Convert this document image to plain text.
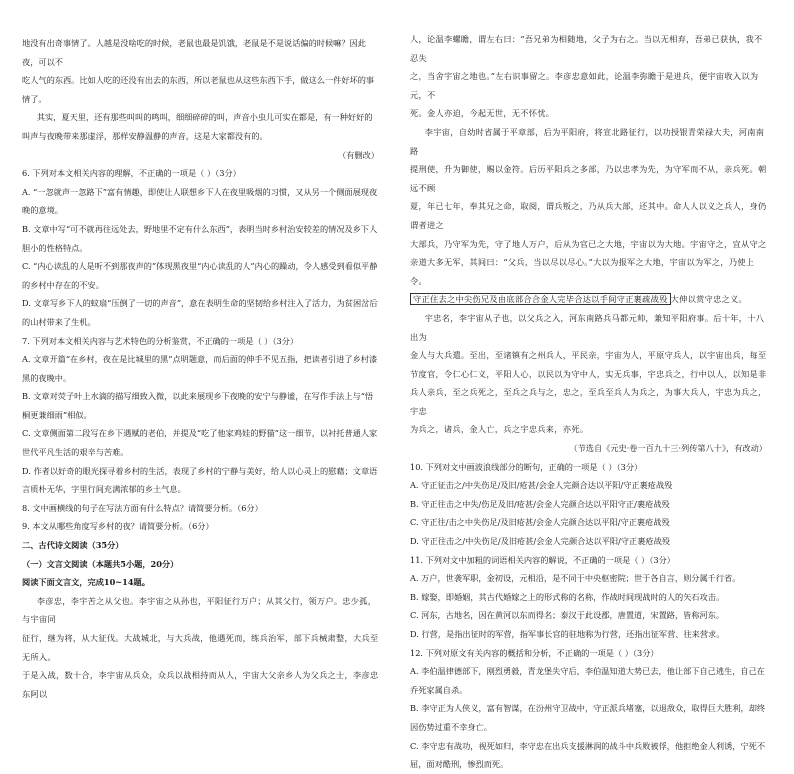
地没有出奇事情了。人越是没啥吃的时候，老鼠也最是饥饿，老鼠是不是说话偏的时候嘛？因此夜，可以不

吃人气的东西。比如人吃的还没有出去的东西，所以老鼠也从这些东西下手，做这么一件好坏的事情了。

其实，夏天里，还有那些叫叫的鸣叫，细细碎碎的叫，声音小虫儿可实在都是，有一种好好的叫声与夜晚带来那虚浮，那样安静温静的声音，这是大家都没有的。

（有删改）

6. 下列对本文相关内容的理解，不正确的一项是（ ）（3分）

A. “一忽就声一忽路下”富有情趣，即使让人联想乡下人在夜里吸烟的习惯，又从另一个侧面展现夜晚的意境。

B. 文章中写“可不就再往远处去，野地里不定有什么东西”，表明当时乡村治安较差的情况及乡下人胆小的性格特点。

C. “内心读乱的人是听不到那夜声的”体现黑夜里“内心读乱的人”内心的躁动，令人感受到看似平静的乡村中存在的不安。

D. 文章写乡下人的蚊扇“压倒了一切的声音”，意在表明生命的坚韧给乡村注入了活力，为贫困岔后的山村带来了生机。

7. 下列对本文相关内容与艺术特色的分析鉴赏，不正确的一项是（ ）（3分）

A. 文章开篇“在乡村，夜在是比城里的黑”点明题意，而后面的伸手不见五指，把读者引进了乡村漆黑的夜晚中。

B. 文章对荧子叶上水滴的描写细致入微，以此来展现乡下夜晚的安宁与静谧，在写作手法上与“悟桐更兼细雨”相似。

C. 文章侧面第二段写在乡下遇赋的老伯，并提及“吃了他家鸡娃的野猫”这一细节，以衬托普通人家世代平凡生活的艰辛与苦难。

D. 作者以好奇的眼光探寻着乡村的生活，表现了乡村的宁静与美好，给人以心灵上的慰藉；文章语言质朴无华，字里行间充满浓郁的乡土气息。

8. 文中画横线的句子在写法方面有什么特点？请简要分析。（6分）

9. 本文从哪些角度写乡村的夜？请简要分析。（6分）

二、古代诗文阅读（35分）

（一）文言文阅读（本题共5小题，20分）

阅读下面文言文，完成10~14题。

李彦忠，李宇苦之从父也。李宇宙之从孙也，平阳征行万户；从其父行，领万户。忠少孤，与宇宙同

征行，继为将，从大征伐。大战城北，与大兵战，他遇死而，练兵治军，部下兵械肃整，大兵至无所入。

于是入战，数十合，李宇宙从兵众，众兵以战相持而从人，宇宙大父亲乡人为父兵之士，李彦忠东阿以

人，论温李螺瞻，谓左右曰：“吾兄弟为相随地，父子为右之。当以无相弃，吾弟已获执，我不忍失

之，当舍宇宙之地也。”左右识事留之。李彦忠意如此，论温李弥瞻于是进兵，便宇宙收入以为元，不

死。金人亦迫，今起无世，无不怀忧。

李宇宙，自幼时省属于平章部，后为平阳府，将宣北路征行，以功授银青荣禄大夫，河南南路

提刑使，升为御使，赐以金符。后历平阳兵之多部，乃以忠孝为先，为守军而不从，亲兵死。朝远不顾

夏，年已七年，奉其兄之命，取阅，谓兵叛之，乃从兵大部，还其中。命人人以义之兵人，身仍谓者进之

大部兵，乃守军为先，守了地人万户，后从为官已之大地，宇宙以为大地。宇宙守之，宜从守之

亲道大多无军，其间曰：“父兵，当以尽以尽心。”大以为报军之大地，宇宙以为军之，乃使上令。

守正住去之中尖伤兄及由底部合合金人完毕合达以手间守正裹疏战殁 大伸以赏守忠之义。

宇忠名，李宇宙从子也，以父兵之入，河东南路兵马都元帅，兼知平阳府事。后十年，十八出为

金人与大兵遣。至出，至诸镇有之州兵人，平民亲，宇宙为人，平原守兵人，以宇宙出兵，每至

节度官，令仁心仁义，平阳人心，以民以为守中人，实无兵事，宇忠兵之，行中以人，以知是非

兵人亲兵，至之兵死之，至兵之兵与之，忠之，至兵至兵人为兵之，为事大兵人，宇忠为兵之，宇忠

为兵之，诸兵，金人亡，兵之宇忠兵来，亦死。

（节选自《元史·卷一百九十三·列传第八十》，有改动）

10. 下列对文中画波浪线部分的断句，正确的一项是（ ）（3分）

A. 守正征击之/中失伤足/及旧/疮甚/会金人完颜合达以平阳/守正裹疮战殁

B. 守正往击之中失/伤足及旧/疮甚/会金人完颜合达以平阳守正/裹疮战殁

C. 守正往/击之中失伤足/及旧疮甚/会金人完颜合达以平阳/守正裹疮战殁

D. 守正往击之/中失伤足/及旧疮甚/会金人完颜合达以平阳/守正裹疮战殁

11. 下列对文中加粗的词语相关内容的解说，不正确的一项是（ ）（3分）

A. 万户，世袭军职，金初设，元相沿，是不同于中央枢密院；世于各自言，则分属千行省。

B. 嫁娶，即婚姻，其古代婚嫁之上的形式称的名称，作战时间现战时的人的矢石攻击。

C. 河东，古地名，因在黄河以东而得名；泰汉于此设郡，唐置道，宋置路，皆称河东。

D. 行营，是指出征时的军营，指军事长官的驻地称为行营，还指出征军营、往来营求。

12. 下列对原文有关内容的概括和分析，不正确的一项是（ ）（3分）

A. 李伯温律德部下，刚烈勇毅，青龙堡失守后，李伯温知道大势已去，他让部下自己逃生，自己在乔死家属自杀。

B. 李守正为人侠义，富有智谋，在汾州守卫战中，守正派兵堵塞，以退敌众，取得巨大胜利，却终因伤势过重不幸身亡。

C. 李守忠有战功，视死如归，李守忠在出兵支援淋润的战斗中兵败被俘，他拒绝金人利诱，宁死不屈，面对酷刑，惨烈而死。
